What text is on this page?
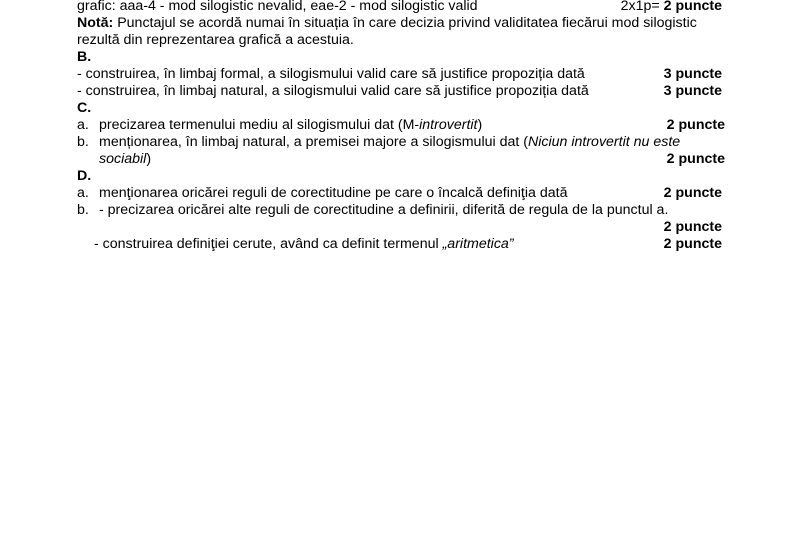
grafic: aaa-4 - mod silogistic nevalid, eae-2 - mod silogistic valid	2x1p= 2 puncte
Notă: Punctajul se acordă numai în situația în care decizia privind validitatea fiecărui mod silogistic
rezultă din reprezentarea grafică a acestuia.
B.
- construirea, în limbaj formal, a silogismului valid care să justifice propoziția dată	3 puncte
- construirea, în limbaj natural, a silogismului valid care să justifice propoziția dată	3 puncte
C.
a. precizarea termenului mediu al silogismului dat (M-introvertit)	2 puncte
b. menționarea, în limbaj natural, a premisei majore a silogismului dat (Niciun introvertit nu este
sociabil)	2 puncte
D.
a. menţionarea oricărei reguli de corectitudine pe care o încalcă definiţia dată	2 puncte
b. - precizarea oricărei alte reguli de corectitudine a definirii, diferită de regula de la punctul a.
2 puncte
- construirea definiţiei cerute, având ca definit termenul „aritmetica”	2 puncte
